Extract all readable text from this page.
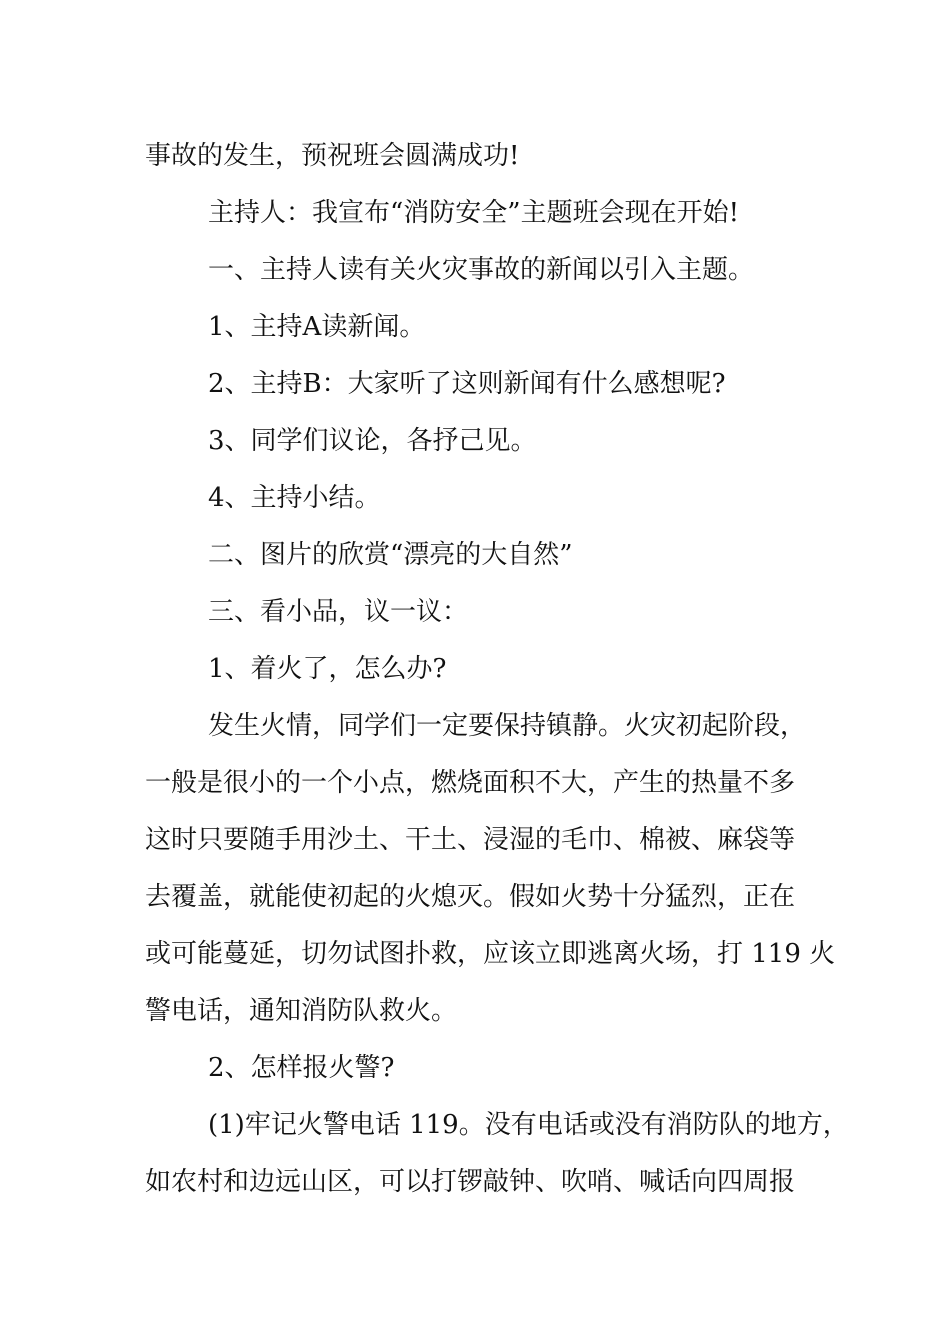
事故的发生，预祝班会圆满成功!

主持人：我宣布“消防安全”主题班会现在开始!

一、主持人读有关火灾事故的新闻以引入主题。

1、主持A读新闻。

2、主持B：大家听了这则新闻有什么感想呢?

3、同学们议论，各抒己见。

4、主持小结。

二、图片的欣赏“漂亮的大自然”

三、看小品，议一议：

1、着火了，怎么办?

发生火情，同学们一定要保持镇静。火灾初起阶段，
一般是很小的一个小点，燃烧面积不大，产生的热量不多
这时只要随手用沙土、干土、浸湿的毛巾、棉被、麻袋等
去覆盖，就能使初起的火熄灭。假如火势十分猛烈，正在
或可能蔓延，切勿试图扑救，应该立即逃离火场，打 119 火
警电话，通知消防队救火。

2、怎样报火警?

(1)牢记火警电话 119。没有电话或没有消防队的地方，
如农村和边远山区，可以打锣敲钟、吹哨、喊话向四周报
